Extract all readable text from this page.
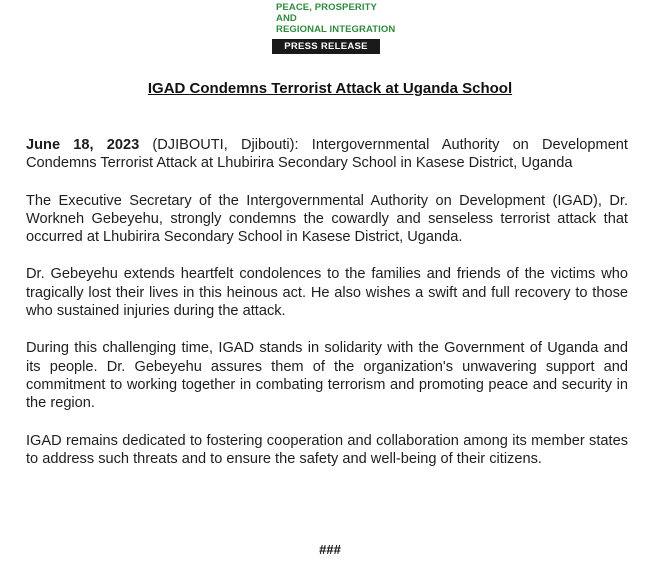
PEACE, PROSPERITY AND
REGIONAL INTEGRATION
PRESS RELEASE
IGAD Condemns Terrorist Attack at Uganda School

June 18, 2023 (DJIBOUTI, Djibouti): Intergovernmental Authority on Development Condemns Terrorist Attack at Lhubirira Secondary School in Kasese District, Uganda

The Executive Secretary of the Intergovernmental Authority on Development (IGAD), Dr. Workneh Gebeyehu, strongly condemns the cowardly and senseless terrorist attack that occurred at Lhubirira Secondary School in Kasese District, Uganda.

Dr. Gebeyehu extends heartfelt condolences to the families and friends of the victims who tragically lost their lives in this heinous act. He also wishes a swift and full recovery to those who sustained injuries during the attack.

During this challenging time, IGAD stands in solidarity with the Government of Uganda and its people. Dr. Gebeyehu assures them of the organization's unwavering support and commitment to working together in combating terrorism and promoting peace and security in the region.

IGAD remains dedicated to fostering cooperation and collaboration among its member states to address such threats and to ensure the safety and well-being of their citizens.

###
